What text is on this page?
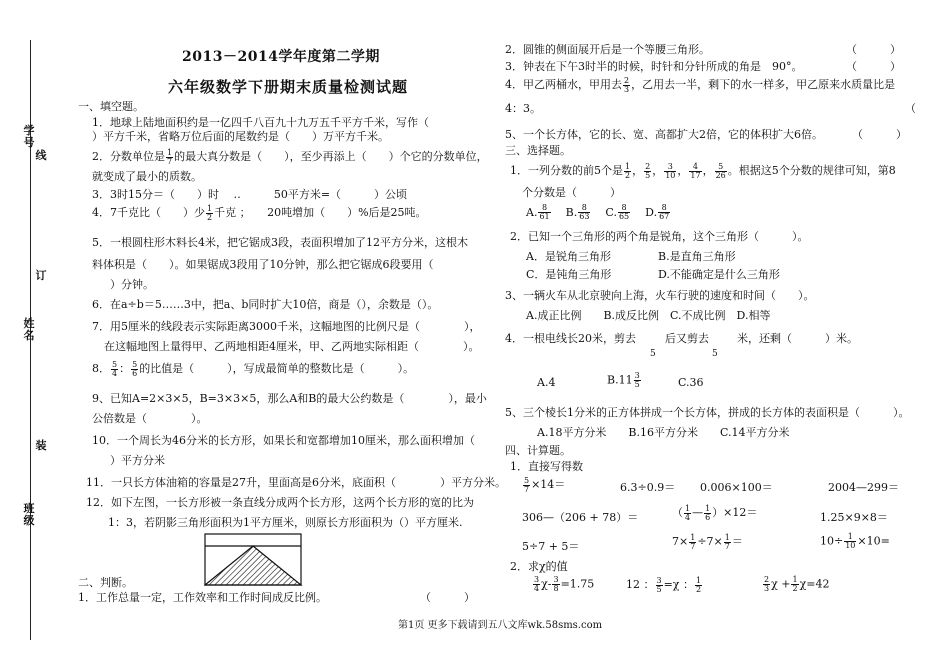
学号
线
订
姓名
装
班级
2013－2014学年度第二学期
六年级数学下册期末质量检测试题
一、填空题。
1．地球上陆地面积约是一亿四千八百九十九万五千平方千米，写作（
）平方千米，省略万位后面的尾数约是（　　）万平方千米。
2．分数单位是 $\frac{1}{7}$ 的最大真分数是（　　），至少再添上（　　）个它的分数单位，
就变成了最小的质数。
3．3时15分＝（　　）时　 ‥　　　50平方米=（　　　）公顷
4．7千克比（　　）少 $\frac{1}{2}$ 千克 ；　　20吨增加（　　）%后是25吨。
5．一根圆柱形木料长4米，把它锯成3段，表面积增加了12平方分米，这根木
料体积是（　　）。如果锯成3段用了10分钟，那么把它锯成6段要用（
）分钟。
6．在a÷b＝5……3中，把a、b同时扩大10倍，商是（），余数是（）。
7．用5厘米的线段表示实际距离3000千米，这幅地图的比例尺是（　　　　），
在这幅地图上量得甲、乙两地相距4厘米，甲、乙两地实际相距（　　　　）。
8． $\frac{5}{4}$ ： $\frac{5}{6}$ 的比值是（　　　），写成最简单的整数比是（　　　）。
9、已知A=2×3×5，B=3×3×5，那么A和B的最大公约数是（　　　　），最小
公倍数是（　　　　）。
10．一个周长为46分米的长方形，如果长和宽都增加10厘米，那么面积增加（
）平方分米
11．一只长方体油箱的容量是27升，里面高是6分米，底面积（　　　　）平方分米。
12．如下左图，一长方形被一条直线分成两个长方形，这两个长方形的宽的比为
1：3，若阴影三角形面积为1平方厘米，则原长方形面积为（）平方厘米.
二、判断。
1．工作总量一定，工作效率和工作时间成反比例。	（　　　）
2．圆锥的侧面展开后是一个等腰三角形。	（　　　）
3．钟表在下午3时半的时候，时针和分针所成的角是　90°。	（　　　）
4．甲乙两桶水，甲用去 $\frac{2}{3}$ ，乙用去一半，剩下的水一样多，甲乙原来水质量比是
4：3。	（
5、一个长方体，它的长、宽、高都扩大2倍，它的体积扩大6倍。	（　　　）
三、选择题。
1．一列分数的前5个是 $\frac{1}{2}$ ， $\frac{2}{5}$ ， $\frac{3}{10}$ ， $\frac{4}{17}$ ， $\frac{5}{26}$ 。根据这5个分数的规律可知，第8
个分数是（　　　）
A. $\frac{8}{61} B$. $\frac{8}{63} C$. $\frac{8}{65} D$. $\frac{8}{67}$
2．已知一个三角形的两个角是锐角，这个三角形（　　　）。
A．是锐角三角形	B.是直角三角形
C．是钝角三角形	D.不能确定是什么三角形
3、一辆火车从北京驶向上海，火车行驶的速度和时间（　　）。
A.成正比例　　B.成反比例　C.不成比例　D.相等
4．一根电线长20米，剪去	后又剪去	米，还剩（　　　）米。
5	5
A.4	$B.11 \frac{3}{5}$	C.36
5、三个棱长1分米的正方体拼成一个长方体，拼成的长方体的表面积是（　　　）。
A.18平方分米　　B.16平方分米　　C.14平方分米
四、计算题。
1．直接写得数
$\frac{5}{7} \times 14=$	6.3÷0.9＝ 0.006×100＝	2004—299＝
306—（206 + 78）＝	（ $\frac{1}{4}$ — $\frac{1}{6} )\times 12=$	1.25×9×8＝
5÷7 + 5＝	$7\times \frac{1}{7} \div 7\times \frac{1}{7}$ ＝	$10\div \frac{1}{10} \times 10=$
2．求χ的值
$\frac{3}{4} \chi- \frac{3}{8} =1.75$	12 ： $\frac{3}{5} =\chi$ ： $\frac{1}{2}$	$\frac{2}{3}$ $\chi + \frac{1}{2} \chi=42$
第1页 更多下载请到五八文库wk.58sms.com
